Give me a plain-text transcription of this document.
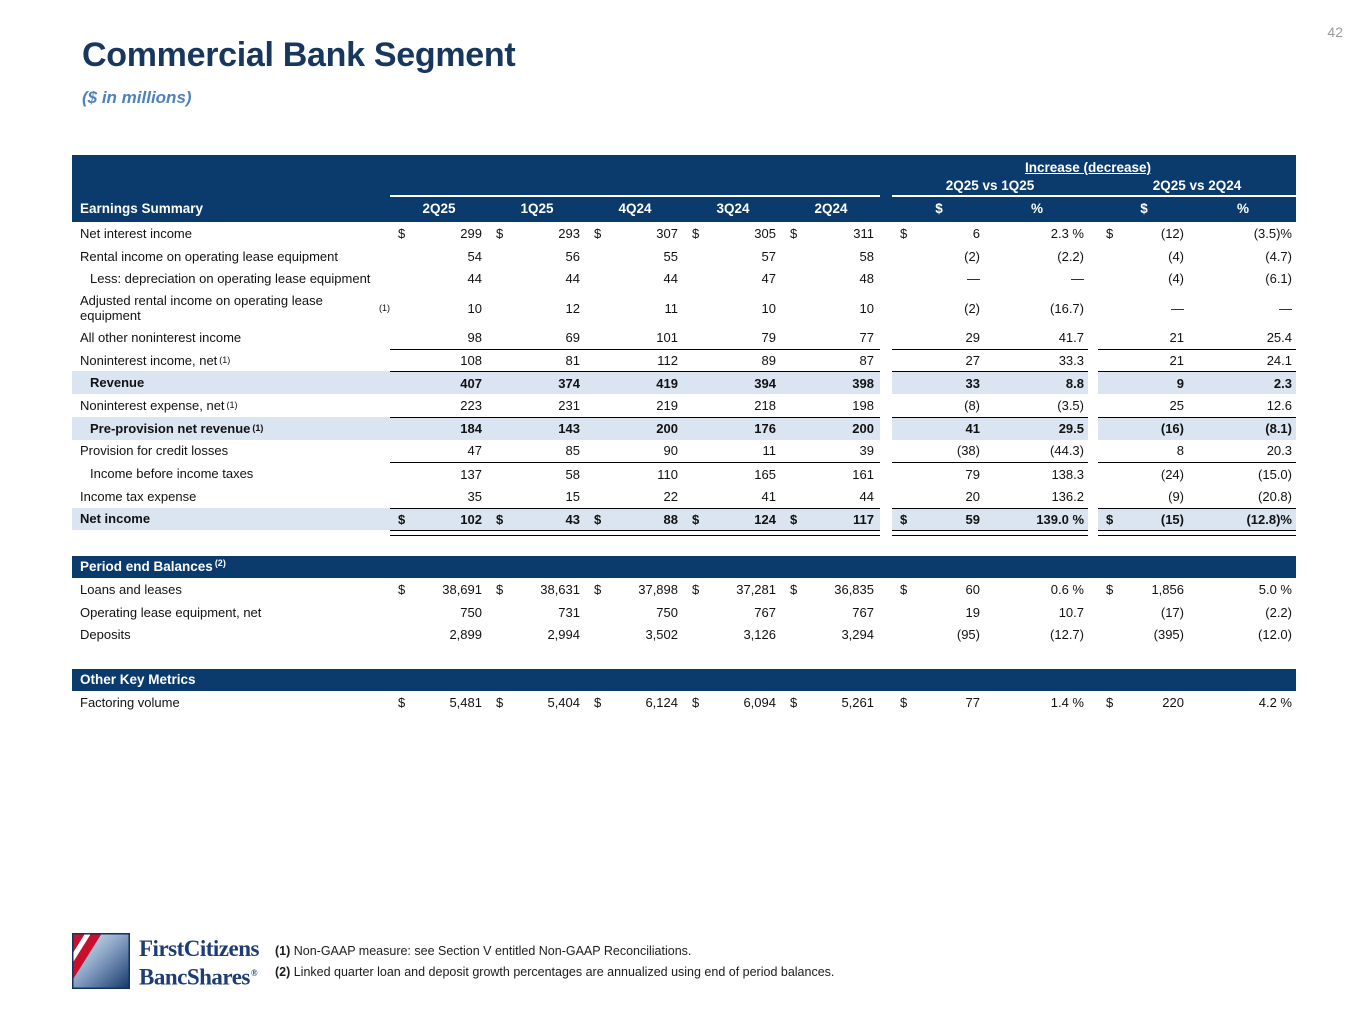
42
Commercial Bank Segment
($ in millions)
Increase (decrease)
2Q25 vs 1Q25	2Q25 vs 2Q24
Earnings Summary	2Q25	1Q25	4Q24	3Q24	2Q24	$	%	$	%
Net interest income	$	299	$	293	$	307	$	305	$	311	$	6	2.3 %	$	(12)	(3.5)%
Rental income on operating lease equipment	54	56	55	57	58	(2)	(2.2)	(4)	(4.7)
Less: depreciation on operating lease equipment	44	44	44	47	48	—	—	(4)	(6.1)
Adjusted rental income on operating lease equipment	(1)	10	12	11	10	10	(2)	(16.7)	—	—
All other noninterest income	98	69	101	79	77	29	41.7	21	25.4
Noninterest income, net (1)	108	81	112	89	87	27	33.3	21	24.1
Revenue	407	374	419	394	398	33	8.8	9	2.3
Noninterest expense, net (1)	223	231	219	218	198	(8)	(3.5)	25	12.6
Pre-provision net revenue (1)	184	143	200	176	200	41	29.5	(16)	(8.1)
Provision for credit losses	47	85	90	11	39	(38)	(44.3)	8	20.3
Income before income taxes	137	58	110	165	161	79	138.3	(24)	(15.0)
Income tax expense	35	15	22	41	44	20	136.2	(9)	(20.8)
Net income	$	102	$	43	$	88	$	124	$	117	$	59	139.0 %	$	(15)	(12.8)%
Period end Balances $^{(2)}$
Loans and leases	$	38,691	$	38,631	$	37,898	$	37,281	$	36,835	$	60	0.6 %	$	1,856	5.0 %
Operating lease equipment, net	750	731	750	767	767	19	10.7	(17)	(2.2)
Deposits	2,899	2,994	3,502	3,126	3,294	(95)	(12.7)	(395)	(12.0)
Other Key Metrics
Factoring volume	$	5,481	$	5,404	$	6,124	$	6,094	$	5,261	$	77	1.4 %	$	220	4.2 %
FirstCitizens
BancShares®
(1) Non-GAAP measure: see Section V entitled Non-GAAP Reconciliations.
(2) Linked quarter loan and deposit growth percentages are annualized using end of period balances.
